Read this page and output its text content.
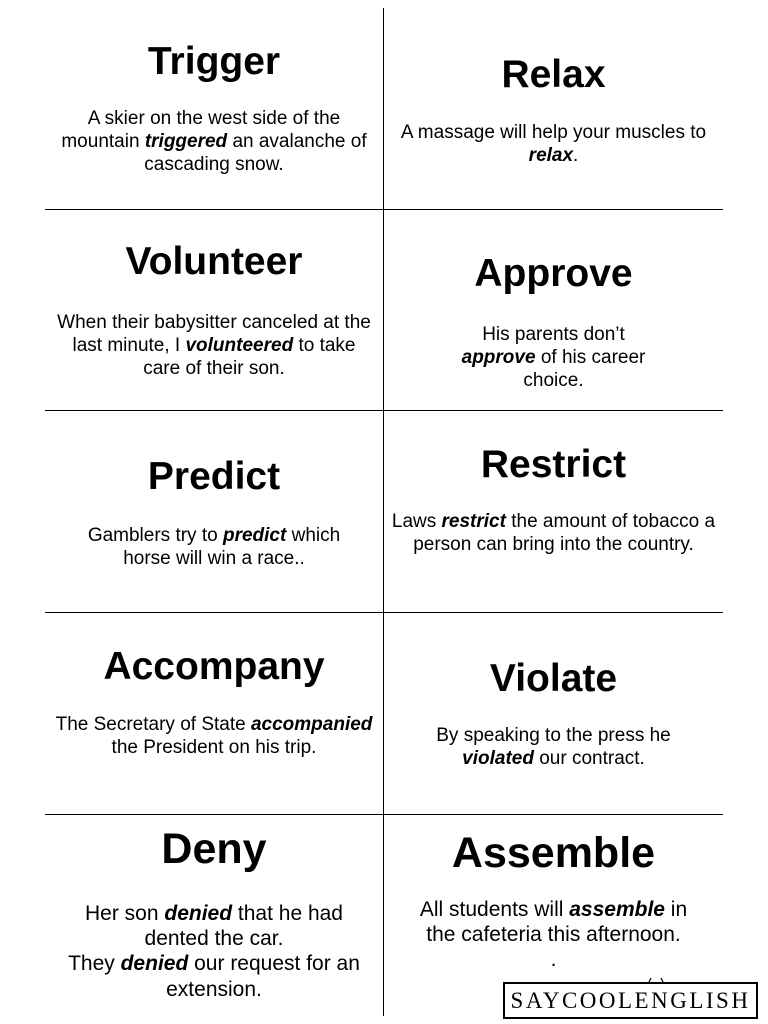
Trigger
A skier on the west side of the mountain triggered an avalanche of cascading snow.
Relax
A massage will help your muscles to relax.
Volunteer
When their babysitter canceled at the last minute, I volunteered to take care of their son.
Approve
His parents don’t approve of his career choice.
Predict
Gamblers try to predict which horse will win a race..
Restrict
Laws restrict the amount of tobacco a person can bring into the country.
Accompany
The Secretary of State accompanied the President on his trip.
Violate
By speaking to the press he violated our contract.
Deny
Her son denied that he had dented the car.
They denied our request for an extension.
Assemble
All students will assemble in the cafeteria this afternoon.
.
SAYCOOLENGLISH
